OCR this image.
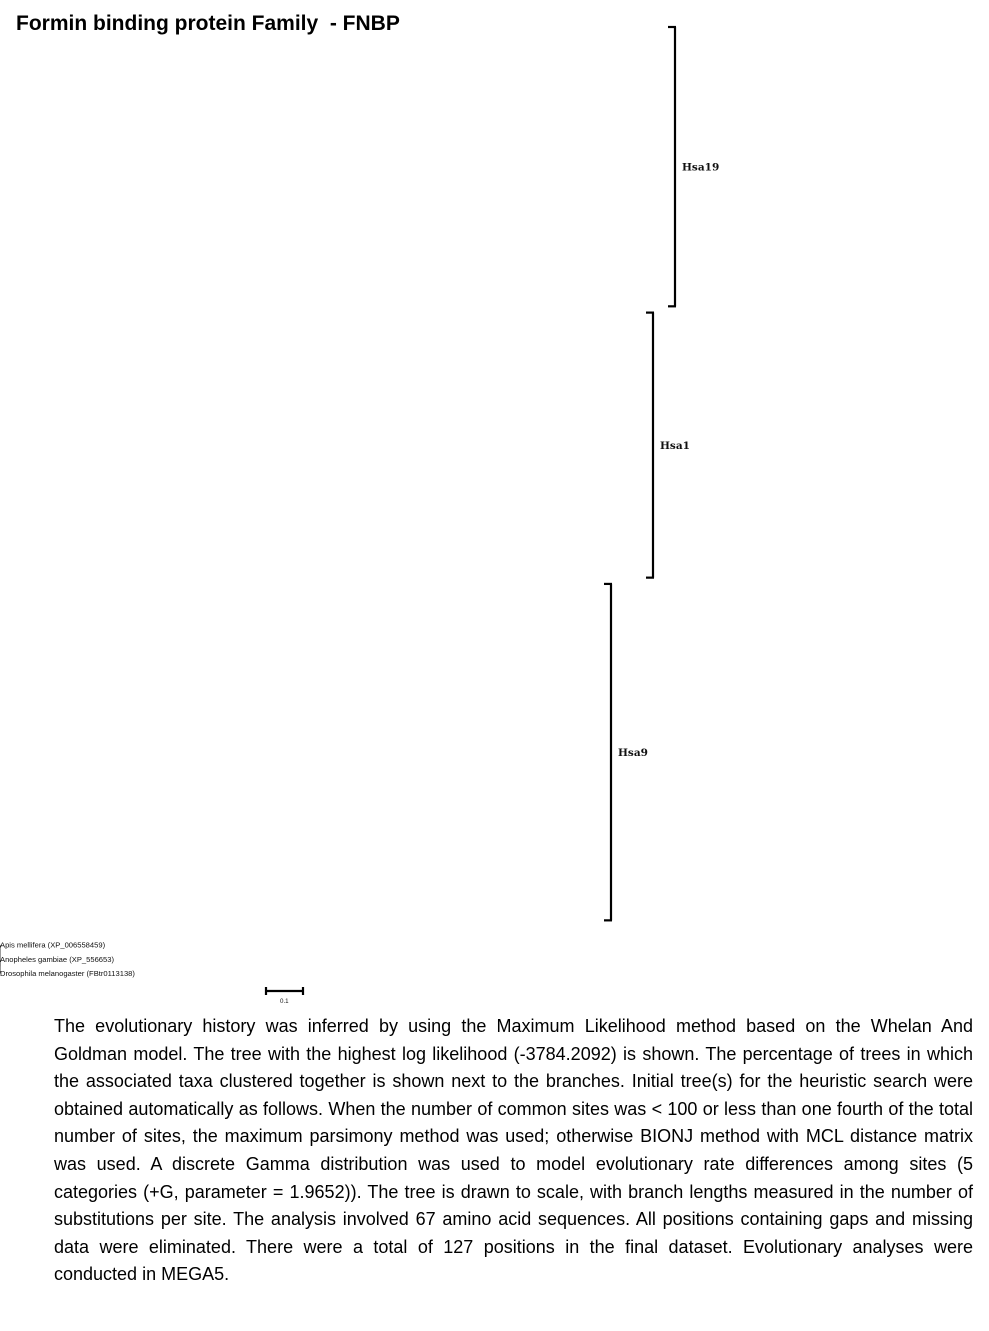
Formin binding protein Family  - FNBP
Apis mellifera (XP_006558459)
Anopheles gambiae (XP_556653)
Drosophila melanogaster (FBtr0113138)
Hsa19
Hsa1
Hsa9
0.1

The evolutionary history was inferred by using the Maximum Likelihood method based on the Whelan And Goldman model. The tree with the highest log likelihood (-3784.2092) is shown. The percentage of trees in which the associated taxa clustered together is shown next to the branches. Initial tree(s) for the heuristic search were obtained automatically as follows. When the number of common sites was < 100 or less than one fourth of the total number of sites, the maximum parsimony method was used; otherwise BIONJ method with MCL distance matrix was used. A discrete Gamma distribution was used to model evolutionary rate differences among sites (5 categories (+G, parameter = 1.9652)). The tree is drawn to scale, with branch lengths measured in the number of substitutions per site. The analysis involved 67 amino acid sequences. All positions containing gaps and missing data were eliminated. There were a total of 127 positions in the final dataset. Evolutionary analyses were conducted in MEGA5.
